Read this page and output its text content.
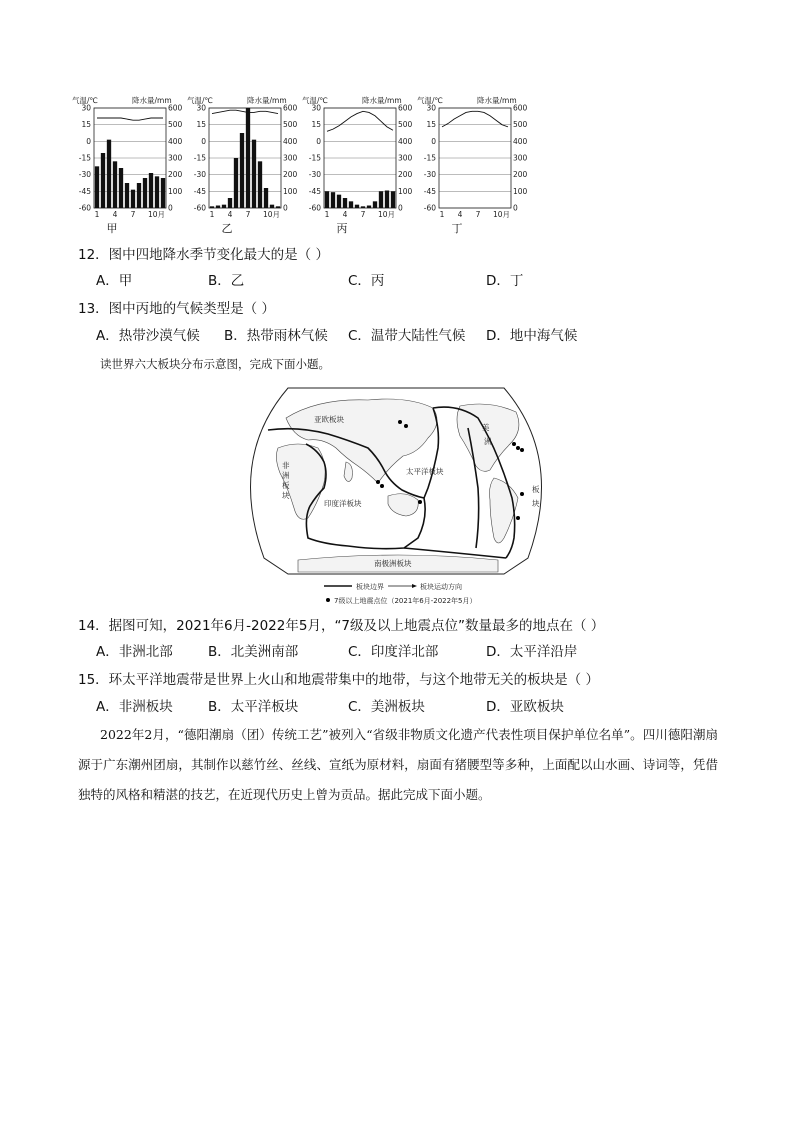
气温/℃	降水量/mm
30	600
15	500
0	400
-15	300
-30	200
-45	100
-60	0
1 4 7 10月
甲
气温/℃	降水量/mm
30	600
15	500
0	400
-15	300
-30	200
-45	100
-60	0
1 4 7 10月
乙
气温/℃	降水量/mm
30	600
15	500
0	400
-15	300
-30	200
-45	100
-60	0
1 4 7 10月
丙
气温/℃	降水量/mm
30	600
15	500
0	400
-15	300
-30	200
-45	100
-60	0
1 4 7 10月
丁
12．图中四地降水季节变化最大的是（ ）
A．甲	B．乙	C．丙	D．丁
13．图中丙地的气候类型是（ ）
A．热带沙漠气候 B．热带雨林气候 C．温带大陆性气候 D．地中海气候
读世界六大板块分布示意图，完成下面小题。
亚欧板块
非
洲
板
块
印度洋板块
太平洋板块
美
洲
板
块
南极洲板块
板块边界	板块运动方向
7级以上地震点位（2021年6月-2022年5月）
14．据图可知，2021年6月-2022年5月，“7级及以上地震点位”数量最多的地点在（ ）
A．非洲北部	B．北美洲南部	C．印度洋北部	D．太平洋沿岸
15．环太平洋地震带是世界上火山和地震带集中的地带，与这个地带无关的板块是（ ）
A．非洲板块	B．太平洋板块	C．美洲板块	D．亚欧板块
2022年2月，“德阳潮扇（团）传统工艺”被列入“省级非物质文化遗产代表性项目保护单位名单”。四川德阳潮扇源于广东潮州团扇，其制作以慈竹丝、丝线、宣纸为原材料，扇面有猪腰型等多种，上面配以山水画、诗词等，凭借独特的风格和精湛的技艺，在近现代历史上曾为贡品。据此完成下面小题。
